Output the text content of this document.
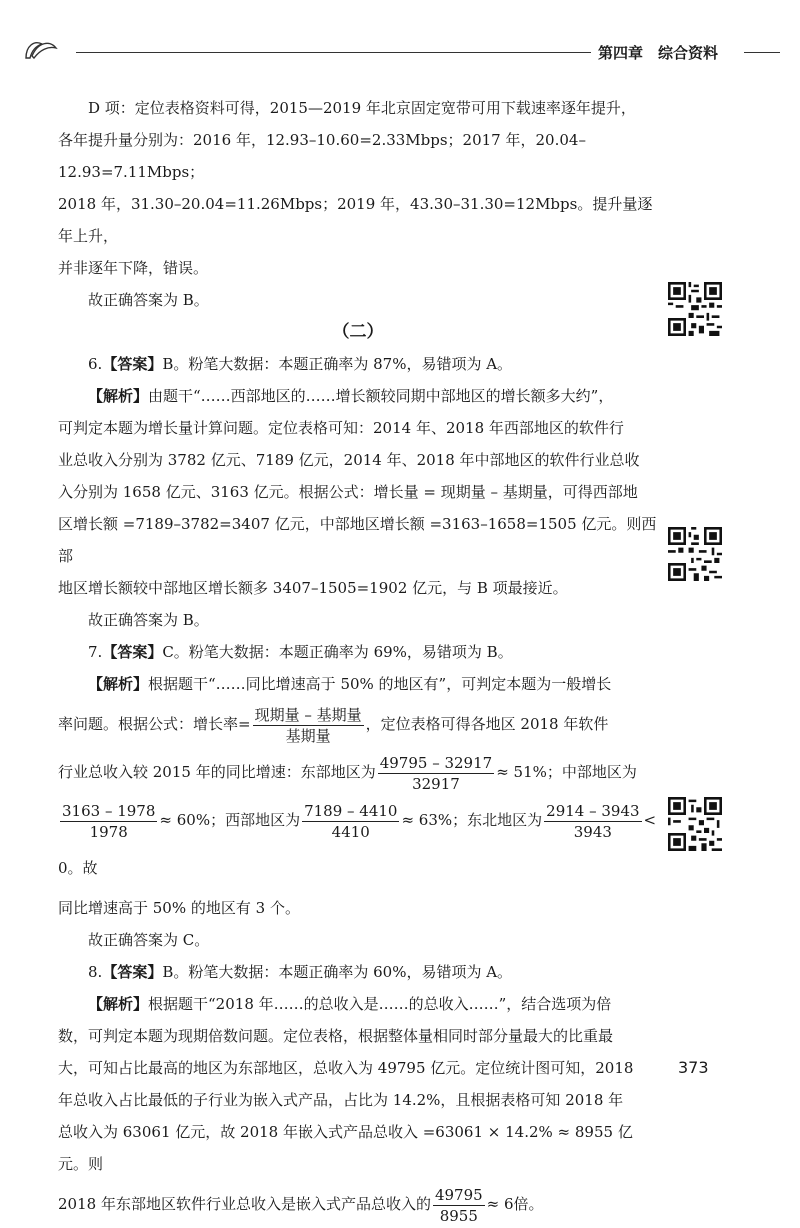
第四章　综合资料

D 项：定位表格资料可得，2015—2019 年北京固定宽带可用下载速率逐年提升，

各年提升量分别为：2016 年，12.93–10.60=2.33Mbps；2017 年，20.04–12.93=7.11Mbps；

2018 年，31.30–20.04=11.26Mbps；2019 年，43.30–31.30=12Mbps。提升量逐年上升，

并非逐年下降，错误。

故正确答案为 B。

（二）

6.【答案】B。粉笔大数据：本题正确率为 87%，易错项为 A。

【解析】由题干“……西部地区的……增长额较同期中部地区的增长额多大约”，

可判定本题为增长量计算问题。定位表格可知：2014 年、2018 年西部地区的软件行

业总收入分别为 3782 亿元、7189 亿元，2014 年、2018 年中部地区的软件行业总收

入分别为 1658 亿元、3163 亿元。根据公式：增长量 = 现期量 – 基期量，可得西部地

区增长额 =7189–3782=3407 亿元，中部地区增长额 =3163–1658=1505 亿元。则西部

地区增长额较中部地区增长额多 3407–1505=1902 亿元，与 B 项最接近。

故正确答案为 B。

7.【答案】C。粉笔大数据：本题正确率为 69%，易错项为 B。

【解析】根据题干“……同比增速高于 50% 的地区有”，可判定本题为一般增长

率问题。根据公式：增长率= $\frac{\text{现期量 – 基期量}}{\text{基期量}}$ ，定位表格可得各地区 2018 年软件

行业总收入较 2015 年的同比增速：东部地区为 $\frac{49795 - 32917}{32917} \approx 51\%$；中部地区为

$\frac{3163 - 1978}{1978} \approx 60\%$；西部地区为 $\frac{7189 - 4410}{4410} \approx 63\%$；东北地区为 $\frac{2914 - 3943}{3943} < 0$。故

同比增速高于 50% 的地区有 3 个。

故正确答案为 C。

8.【答案】B。粉笔大数据：本题正确率为 60%，易错项为 A。

【解析】根据题干“2018 年……的总收入是……的总收入……”，结合选项为倍

数，可判定本题为现期倍数问题。定位表格，根据整体量相同时部分量最大的比重最

大，可知占比最高的地区为东部地区，总收入为 49795 亿元。定位统计图可知，2018

年总收入占比最低的子行业为嵌入式产品，占比为 14.2%，且根据表格可知 2018 年

总收入为 63061 亿元，故 2018 年嵌入式产品总收入 =63061 × 14.2% ≈ 8955 亿元。则

2018 年东部地区软件行业总收入是嵌入式产品总收入的 $\frac{49795}{8955} \approx 6$倍。

373
